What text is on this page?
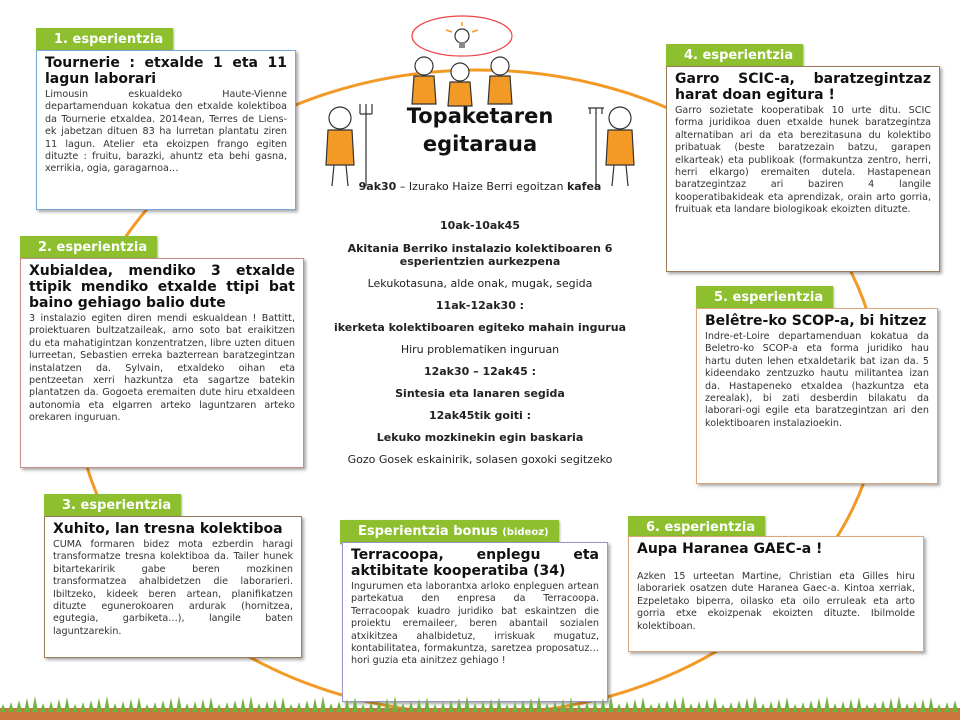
Topaketaren egitaraua
9ak30 – Izurako Haize Berri egoitzan kafea
10ak-10ak45
Akitania Berriko instalazio kolektiboaren 6 esperientzien aurkezpena
Lekukotasuna, alde onak, mugak, segida
11ak-12ak30 :
ikerketa kolektiboaren egiteko mahain ingurua
Hiru problematiken inguruan
12ak30 – 12ak45 :
Sintesia eta lanaren segida
12ak45tik goiti :
Lekuko mozkinekin egin baskaria
Gozo Gosek eskainirik, solasen goxoki segitzeko
1. esperientzia
Tournerie : etxalde 1 eta 11 lagun laborari

Limousin eskualdeko Haute-Vienne departamenduan kokatua den etxalde kolektiboa da Tournerie etxaldea. 2014ean, Terres de Liens-ek jabetzan dituen 83 ha lurretan plantatu ziren 11 lagun. Atelier eta ekoizpen frango egiten dituzte : fruitu, barazki, ahuntz eta behi gasna, xerrikia, ogia, garagarnoa…

2. esperientzia
Xubialdea, mendiko 3 etxalde ttipik mendiko etxalde ttipi bat baino gehiago balio dute

3 instalazio egiten diren mendi eskualdean ! Battitt, proiektuaren bultzatzaileak, arno soto bat eraikitzen du eta mahatigintzan konzentratzen, libre uzten dituen lurreetan, Sebastien erreka bazterrean baratzegintzan instalatzen da. Sylvain, etxaldeko oihan eta pentzeetan xerri hazkuntza eta sagartze batekin plantatzen da. Gogoeta eremaiten dute hiru etxaldeen autonomia eta elgarren arteko laguntzaren arteko orekaren inguruan.

3. esperientzia
Xuhito, lan tresna kolektiboa

CUMA formaren bidez mota ezberdin haragi transformatze tresna kolektiboa da. Tailer hunek bitartekaririk gabe beren mozkinen transformatzea ahalbidetzen die laborarieri. Ibiltzeko, kideek beren artean, planifikatzen dituzte egunerokoaren ardurak (hornitzea, egutegia, garbiketa…), langile baten laguntzarekin.

4. esperientzia
Garro SCIC-a, baratzegintzaz harat doan egitura !

Garro sozietate kooperatibak 10 urte ditu. SCIC forma juridikoa duen etxalde hunek baratzegintza alternatiban ari da eta berezitasuna du kolektibo pribatuak (beste baratzezain batzu, garapen elkarteak) eta publikoak (formakuntza zentro, herri, herri elkargo) eremaiten dutela. Hastapenean baratzegintzaz ari baziren 4 langile kooperatibakideak eta aprendizak, orain arto gorria, fruituak eta landare biologikoak ekoizten dituzte.

5. esperientzia
Belêtre-ko SCOP-a, bi hitzez

Indre-et-Loire departamenduan kokatua da Beletro-ko SCOP-a eta forma juridiko hau hartu duten lehen etxaldetarik bat izan da. 5 kideendako zentzuzko hautu militantea izan da. Hastapeneko etxaldea (hazkuntza eta zerealak), bi zati desberdin bilakatu da laborari-ogi egile eta baratzegintzan ari den kolektiboaren instalazioekin.

6. esperientzia
Aupa Haranea GAEC-a !

Azken 15 urteetan Martine, Christian eta Gilles hiru laborariek osatzen dute Haranea Gaec-a. Kintoa xerriak, Ezpeletako biperra, oilasko eta oilo erruleak eta arto gorria etxe ekoizpenak ekoizten dituzte. Ibilmolde kolektiboan.

Esperientzia bonus (bideoz)
Terracoopa, enplegu eta aktibitate kooperatiba (34)

Ingurumen eta laborantxa arloko enpleguen artean partekatua den enpresa da Terracoopa. Terracoopak kuadro juridiko bat eskaintzen die proiektu eremaileer, beren abantail sozialen atxikitzea ahalbidetuz, irriskuak mugatuz, kontabilitatea, formakuntza, saretzea proposatuz… hori guzia eta ainitzez gehiago !
